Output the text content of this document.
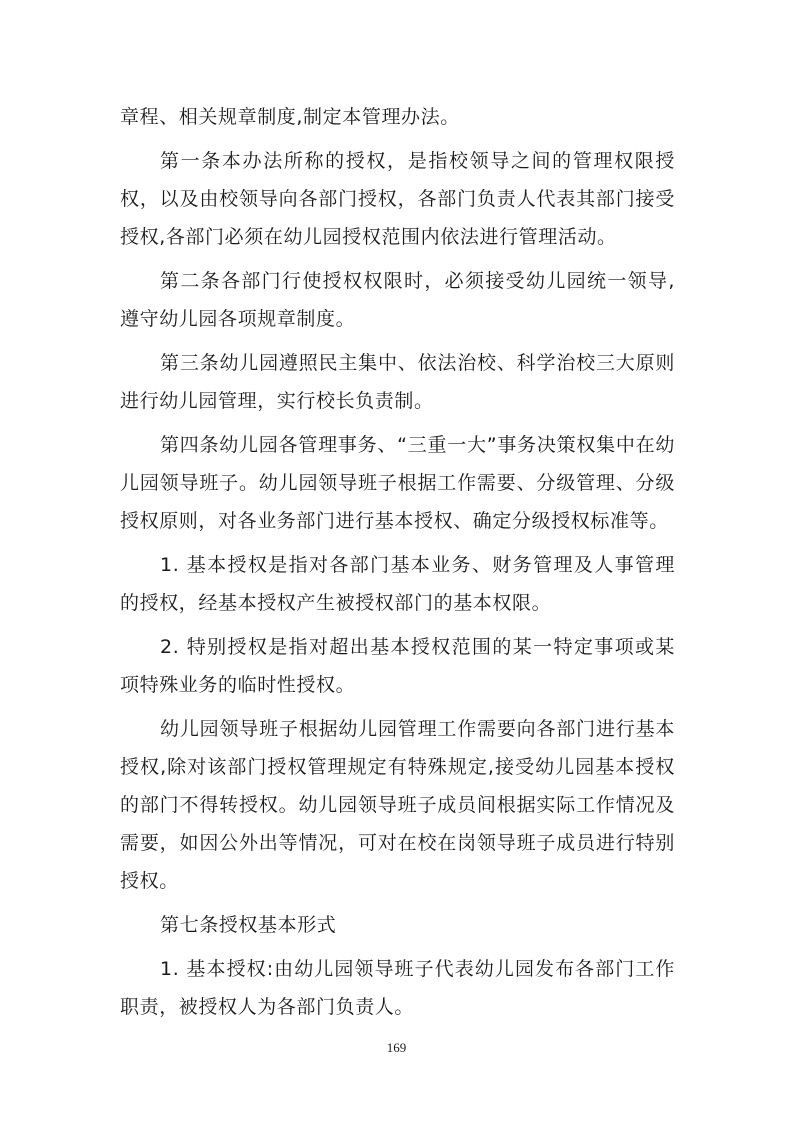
章程、相关规章制度,制定本管理办法。

第一条本办法所称的授权，是指校领导之间的管理权限授权，以及由校领导向各部门授权，各部门负责人代表其部门接受授权,各部门必须在幼儿园授权范围内依法进行管理活动。

第二条各部门行使授权权限时，必须接受幼儿园统一领导,遵守幼儿园各项规章制度。

第三条幼儿园遵照民主集中、依法治校、科学治校三大原则进行幼儿园管理，实行校长负责制。

第四条幼儿园各管理事务、“三重一大”事务决策权集中在幼儿园领导班子。幼儿园领导班子根据工作需要、分级管理、分级授权原则，对各业务部门进行基本授权、确定分级授权标准等。

1. 基本授权是指对各部门基本业务、财务管理及人事管理的授权，经基本授权产生被授权部门的基本权限。

2. 特别授权是指对超出基本授权范围的某一特定事项或某项特殊业务的临时性授权。

幼儿园领导班子根据幼儿园管理工作需要向各部门进行基本授权,除对该部门授权管理规定有特殊规定,接受幼儿园基本授权的部门不得转授权。幼儿园领导班子成员间根据实际工作情况及需要，如因公外出等情况，可对在校在岗领导班子成员进行特别授权。

第七条授权基本形式

1. 基本授权:由幼儿园领导班子代表幼儿园发布各部门工作职责，被授权人为各部门负责人。

169
